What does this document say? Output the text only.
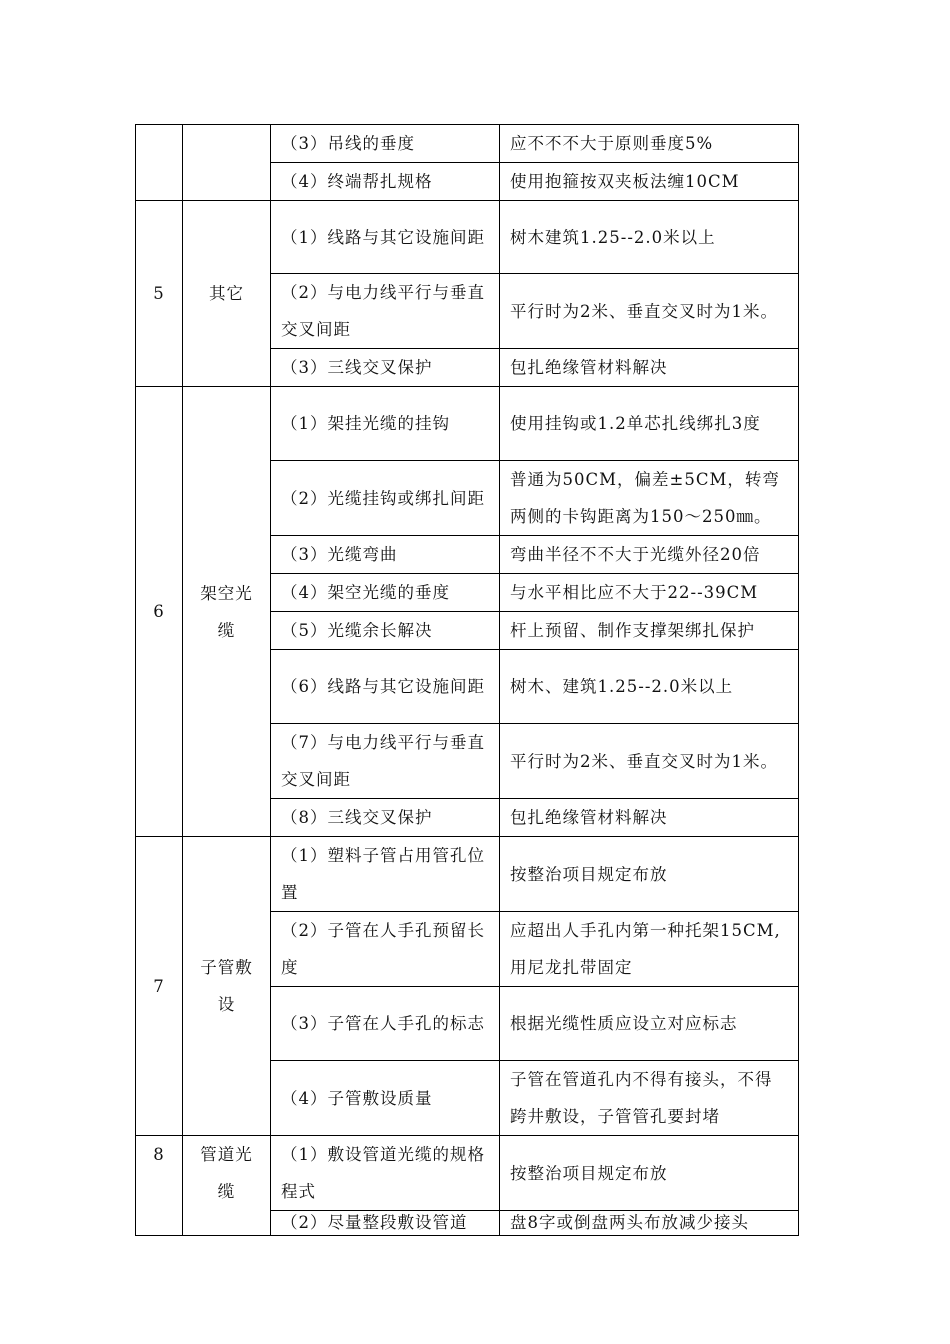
		（3）吊线的垂度	应不不不大于原则垂度5%
		（4）终端帮扎规格	使用抱箍按双夹板法缠10CM
5	其它	（1）线路与其它设施间距	树木建筑1.25--2.0米以上
		（2）与电力线平行与垂直交叉间距	平行时为2米、垂直交叉时为1米。
		（3）三线交叉保护	包扎绝缘管材料解决
6	架空光缆	（1）架挂光缆的挂钩	使用挂钩或1.2单芯扎线绑扎3度
		（2）光缆挂钩或绑扎间距	普通为50CM，偏差±5CM，转弯两侧的卡钩距离为150～250㎜。
		（3）光缆弯曲	弯曲半径不不大于光缆外径20倍
		（4）架空光缆的垂度	与水平相比应不大于22--39CM
		（5）光缆余长解决	杆上预留、制作支撑架绑扎保护
		（6）线路与其它设施间距	树木、建筑1.25--2.0米以上
		（7）与电力线平行与垂直交叉间距	平行时为2米、垂直交叉时为1米。
		（8）三线交叉保护	包扎绝缘管材料解决
7	子管敷设	（1）塑料子管占用管孔位置	按整治项目规定布放
		（2）子管在人手孔预留长度	应超出人手孔内第一种托架15CM,用尼龙扎带固定
		（3）子管在人手孔的标志	根据光缆性质应设立对应标志
		（4）子管敷设质量	子管在管道孔内不得有接头，不得跨井敷设，子管管孔要封堵
8	管道光缆	（1）敷设管道光缆的规格程式	按整治项目规定布放
		（2）尽量整段敷设管道	盘8字或倒盘两头布放减少接头
